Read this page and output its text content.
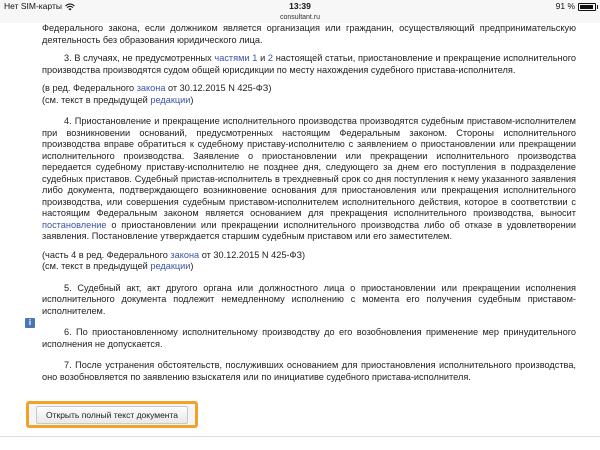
Нет SIM-карты	13:39	91 %
consultant.ru

Федерального закона, если должником является организация или гражданин, осуществляющий предпринимательскую деятельность без образования юридического лица.

3. В случаях, не предусмотренных частями 1 и 2 настоящей статьи, приостановление и прекращение исполнительного производства производятся судом общей юрисдикции по месту нахождения судебного пристава-исполнителя.

(в ред. Федерального закона от 30.12.2015 N 425-ФЗ)

(см. текст в предыдущей редакции)

4. Приостановление и прекращение исполнительного производства производятся судебным приставом-исполнителем при возникновении оснований, предусмотренных настоящим Федеральным законом. Стороны исполнительного производства вправе обратиться к судебному приставу-исполнителю с заявлением о приостановлении или прекращении исполнительного производства. Заявление о приостановлении или прекращении исполнительного производства передается судебному приставу-исполнителю не позднее дня, следующего за днем его поступления в подразделение судебных приставов. Судебный пристав-исполнитель в трехдневный срок со дня поступления к нему указанного заявления либо документа, подтверждающего возникновение основания для приостановления или прекращения исполнительного производства, или совершения судебным приставом-исполнителем исполнительного действия, которое в соответствии с настоящим Федеральным законом является основанием для прекращения исполнительного производства, выносит постановление о приостановлении или прекращении исполнительного производства либо об отказе в удовлетворении заявления. Постановление утверждается старшим судебным приставом или его заместителем.

(часть 4 в ред. Федерального закона от 30.12.2015 N 425-ФЗ)

(см. текст в предыдущей редакции)

5. Судебный акт, акт другого органа или должностного лица о приостановлении или прекращении исполнения исполнительного документа подлежит немедленному исполнению с момента его получения судебным приставом-исполнителем.

6. По приостановленному исполнительному производству до его возобновления применение мер принудительного исполнения не допускается.

7. После устранения обстоятельств, послуживших основанием для приостановления исполнительного производства, оно возобновляется по заявлению взыскателя или по инициативе судебного пристава-исполнителя.

i
Открыть полный текст документа
